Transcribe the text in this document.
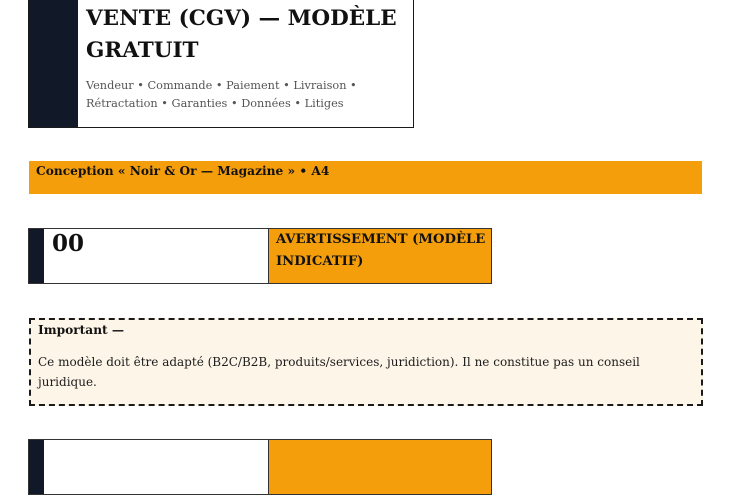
VENTE (CGV) — MODÈLE GRATUIT
Vendeur • Commande • Paiement • Livraison • Rétractation • Garanties • Données • Litiges
Conception « Noir & Or — Magazine » • A4
00	AVERTISSEMENT (MODÈLE INDICATIF)
Important —
Ce modèle doit être adapté (B2C/B2B, produits/services, juridiction). Il ne constitue pas un conseil juridique.
